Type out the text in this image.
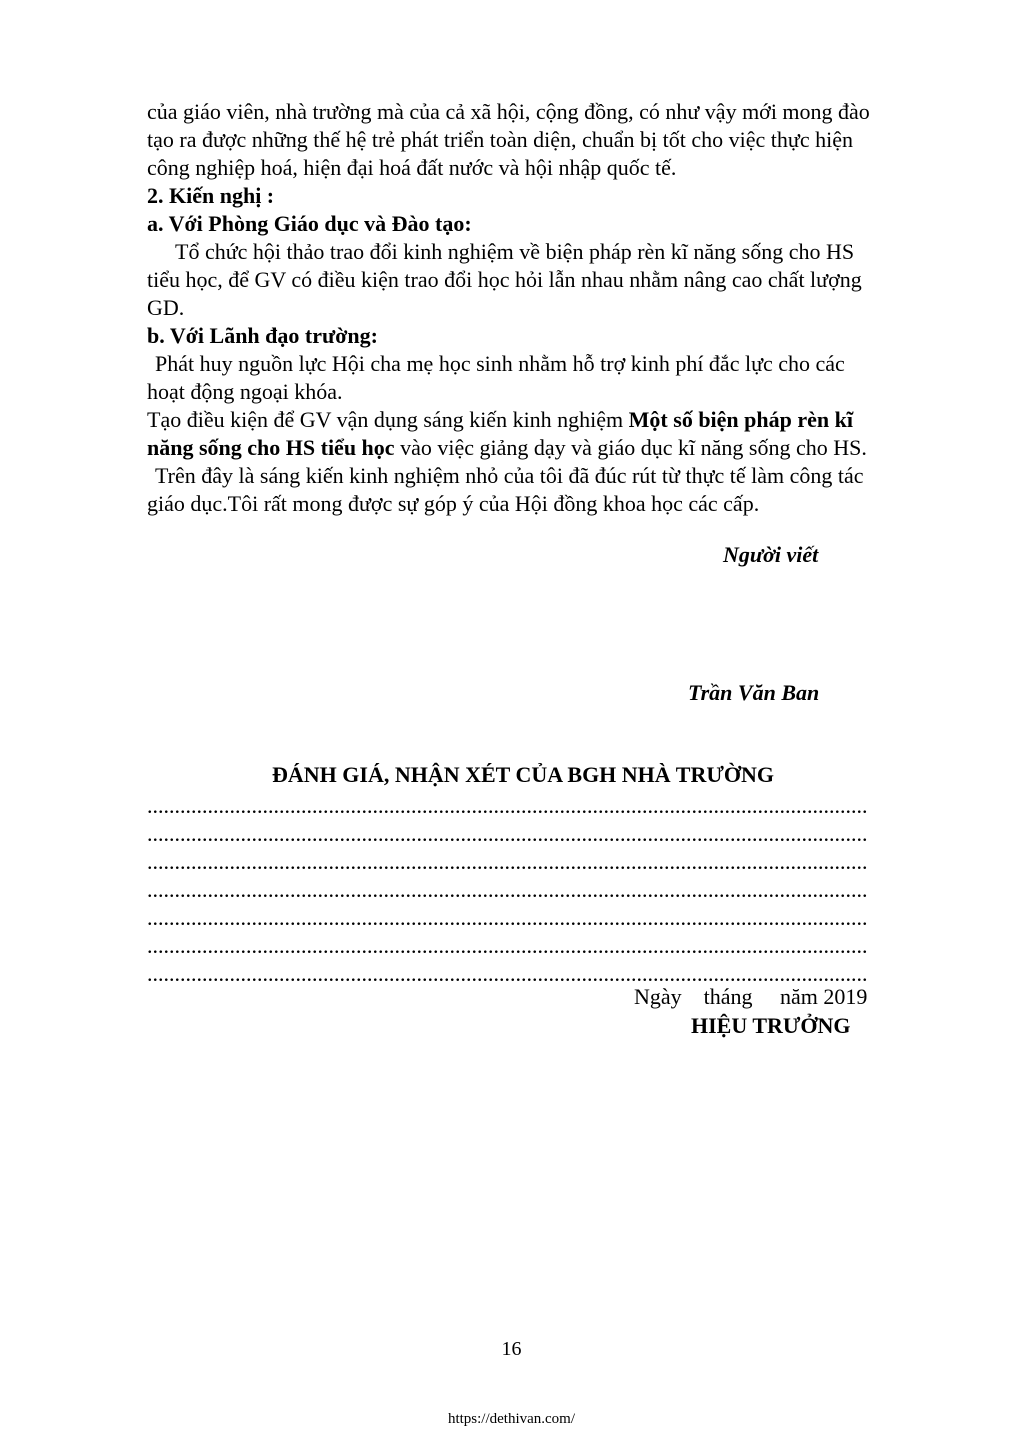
của giáo viên, nhà trường mà của cả xã hội, cộng đồng, có như vậy mới mong đào
tạo ra được những thế hệ trẻ phát triển toàn diện, chuẩn bị tốt cho việc thực hiện
công nghiệp hoá, hiện đại hoá đất nước và hội nhập quốc tế.
2. Kiến nghị :
a. Với Phòng Giáo dục và Đào tạo:
Tổ chức hội thảo trao đổi kinh nghiệm về biện pháp rèn kĩ năng sống cho HS
tiểu học, để GV có điều kiện trao đổi học hỏi lẫn nhau nhằm nâng cao chất lượng
GD.
b. Với Lãnh đạo trường:
Phát huy nguồn lực Hội cha mẹ học sinh nhằm hỗ trợ kinh phí đắc lực cho các
hoạt động ngoại khóa.
Tạo điều kiện để GV vận dụng sáng kiến kinh nghiệm Một số biện pháp rèn kĩ
năng sống cho HS tiểu học vào việc giảng dạy và giáo dục kĩ năng sống cho HS.
Trên đây là sáng kiến kinh nghiệm nhỏ của tôi đã đúc rút từ thực tế làm công tác
giáo dục.Tôi rất mong được sự góp ý của Hội đồng khoa học các cấp.
Người viết
Trần Văn Ban
ĐÁNH GIÁ, NHẬN XÉT CỦA BGH NHÀ TRƯỜNG
...................................................................................................................................
...................................................................................................................................
...................................................................................................................................
...................................................................................................................................
...................................................................................................................................
...................................................................................................................................
...................................................................................................................................
Ngày    tháng     năm 2019
HIỆU TRƯỞNG
16
https://dethivan.com/
